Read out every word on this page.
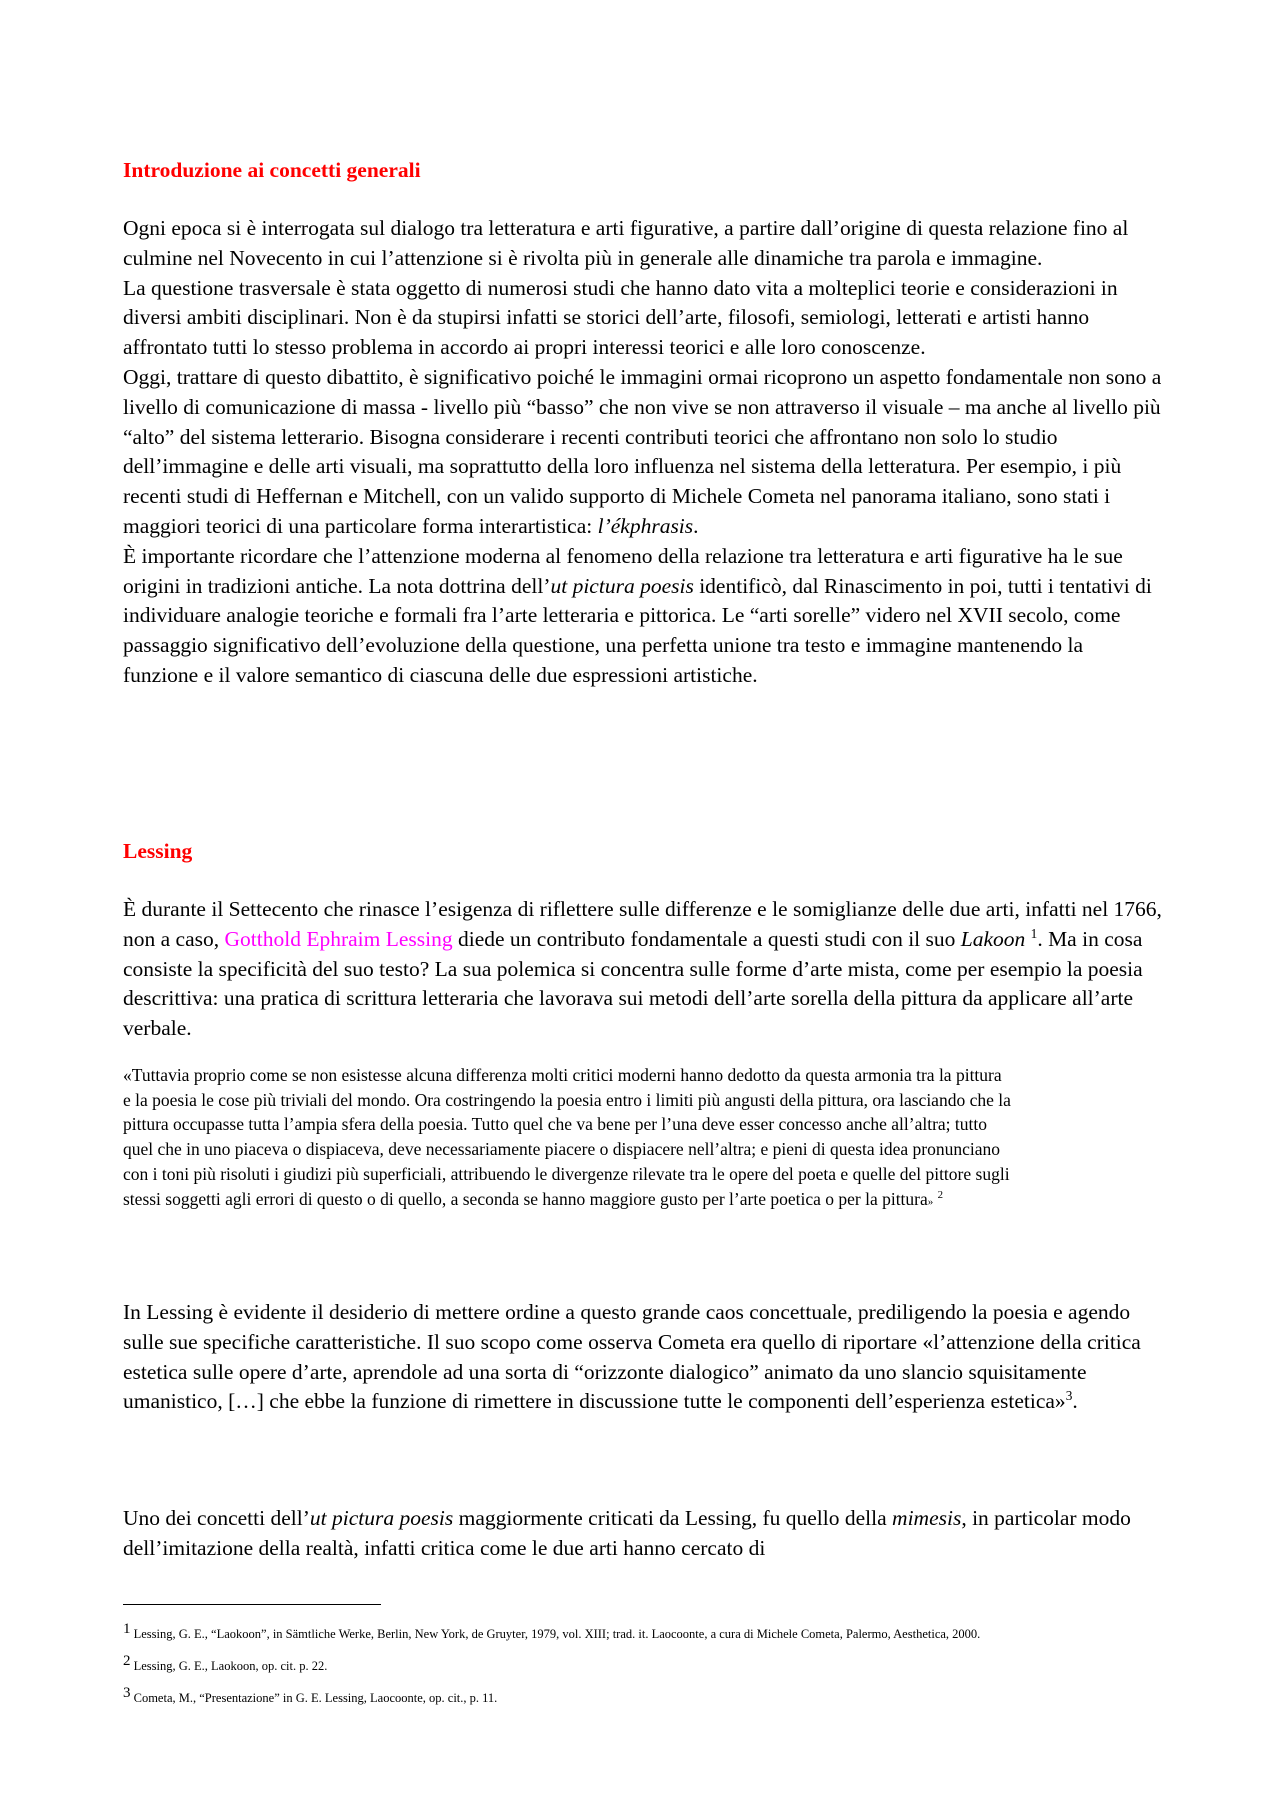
Introduzione ai concetti generali

Ogni epoca si è interrogata sul dialogo tra letteratura e arti figurative, a partire dall’origine di questa relazione fino al culmine nel Novecento in cui l’attenzione si è rivolta più in generale alle dinamiche tra parola e immagine.

La questione trasversale è stata oggetto di numerosi studi che hanno dato vita a molteplici teorie e considerazioni in diversi ambiti disciplinari. Non è da stupirsi infatti se storici dell’arte, filosofi, semiologi, letterati e artisti hanno affrontato tutti lo stesso problema in accordo ai propri interessi teorici e alle loro conoscenze.

Oggi, trattare di questo dibattito, è significativo poiché le immagini ormai ricoprono un aspetto fondamentale non sono a livello di comunicazione di massa - livello più “basso” che non vive se non attraverso il visuale – ma anche al livello più “alto” del sistema letterario. Bisogna considerare i recenti contributi teorici che affrontano non solo lo studio dell’immagine e delle arti visuali, ma soprattutto della loro influenza nel sistema della letteratura. Per esempio, i più recenti studi di Heffernan e Mitchell, con un valido supporto di Michele Cometa nel panorama italiano, sono stati i maggiori teorici di una particolare forma interartistica: l’ékphrasis.

È importante ricordare che l’attenzione moderna al fenomeno della relazione tra letteratura e arti figurative ha le sue origini in tradizioni antiche. La nota dottrina dell’ut pictura poesis identificò, dal Rinascimento in poi, tutti i tentativi di individuare analogie teoriche e formali fra l’arte letteraria e pittorica. Le “arti sorelle” videro nel XVII secolo, come passaggio significativo dell’evoluzione della questione, una perfetta unione tra testo e immagine mantenendo la funzione e il valore semantico di ciascuna delle due espressioni artistiche.

Lessing

È durante il Settecento che rinasce l’esigenza di riflettere sulle differenze e le somiglianze delle due arti, infatti nel 1766, non a caso, Gotthold Ephraim Lessing diede un contributo fondamentale a questi studi con il suo Lakoon $^1$. Ma in cosa consiste la specificità del suo testo? La sua polemica si concentra sulle forme d’arte mista, come per esempio la poesia descrittiva: una pratica di scrittura letteraria che lavorava sui metodi dell’arte sorella della pittura da applicare all’arte verbale.

«Tuttavia proprio come se non esistesse alcuna differenza molti critici moderni hanno dedotto da questa armonia tra la pittura e la poesia le cose più triviali del mondo. Ora costringendo la poesia entro i limiti più angusti della pittura, ora lasciando che la pittura occupasse tutta l’ampia sfera della poesia. Tutto quel che va bene per l’una deve esser concesso anche all’altra; tutto quel che in uno piaceva o dispiaceva, deve necessariamente piacere o dispiacere nell’altra; e pieni di questa idea pronunciano con i toni più risoluti i giudizi più superficiali, attribuendo le divergenze rilevate tra le opere del poeta e quelle del pittore sugli stessi soggetti agli errori di questo o di quello, a seconda se hanno maggiore gusto per l’arte poetica o per la pittura» $^2$

In Lessing è evidente il desiderio di mettere ordine a questo grande caos concettuale, prediligendo la poesia e agendo sulle sue specifiche caratteristiche. Il suo scopo come osserva Cometa era quello di riportare «l’attenzione della critica estetica sulle opere d’arte, aprendole ad una sorta di “orizzonte dialogico” animato da uno slancio squisitamente umanistico, […] che ebbe la funzione di rimettere in discussione tutte le componenti dell’esperienza estetica»$^3$.

Uno dei concetti dell’ut pictura poesis maggiormente criticati da Lessing, fu quello della mimesis, in particolar modo dell’imitazione della realtà, infatti critica come le due arti hanno cercato di

1 Lessing, G. E., “Laokoon”, in Sämtliche Werke, Berlin, New York, de Gruyter, 1979, vol. XIII; trad. it. Laocoonte, a cura di Michele Cometa, Palermo, Aesthetica, 2000.

2 Lessing, G. E., Laokoon, op. cit. p. 22.

3 Cometa, M., “Presentazione” in G. E. Lessing, Laocoonte, op. cit., p. 11.
